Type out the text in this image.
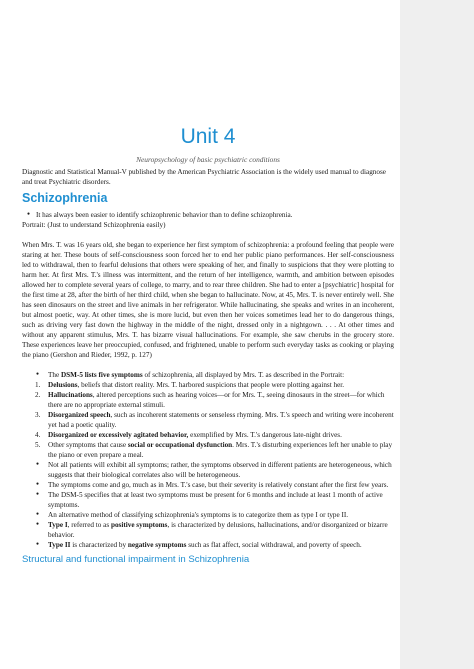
Unit 4

Neuropsychology of basic psychiatric conditions

Diagnostic and Statistical Manual-V published by the American Psychiatric Association is the widely used manual to diagnose and treat Psychiatric disorders.

Schizophrenia
● It has always been easier to identify schizophrenic behavior than to define schizophrenia.

Portrait: (Just to understand Schizophrenia easily)

When Mrs. T. was 16 years old, she began to experience her first symptom of schizophrenia: a profound feeling that people were staring at her. These bouts of self-consciousness soon forced her to end her public piano performances. Her self-consciousness led to withdrawal, then to fearful delusions that others were speaking of her, and finally to suspicions that they were plotting to harm her. At first Mrs. T.'s illness was intermittent, and the return of her intelligence, warmth, and ambition between episodes allowed her to complete several years of college, to marry, and to rear three children. She had to enter a [psychiatric] hospital for the first time at 28, after the birth of her third child, when she began to hallucinate. Now, at 45, Mrs. T. is never entirely well. She has seen dinosaurs on the street and live animals in her refrigerator. While hallucinating, she speaks and writes in an incoherent, but almost poetic, way. At other times, she is more lucid, but even then her voices sometimes lead her to do dangerous things, such as driving very fast down the highway in the middle of the night, dressed only in a nightgown. . . . At other times and without any apparent stimulus, Mrs. T. has bizarre visual hallucinations. For example, she saw cherubs in the grocery store. These experiences leave her preoccupied, confused, and frightened, unable to perform such everyday tasks as cooking or playing the piano (Gershon and Rieder, 1992, p. 127)

● The DSM-5 lists five symptoms of schizophrenia, all displayed by Mrs. T. as described in the Portrait:
1. Delusions, beliefs that distort reality. Mrs. T. harbored suspicions that people were plotting against her.
2. Hallucinations, altered perceptions such as hearing voices—or for Mrs. T., seeing dinosaurs in the street—for which there are no appropriate external stimuli.
3. Disorganized speech, such as incoherent statements or senseless rhyming. Mrs. T.'s speech and writing were incoherent yet had a poetic quality.
4. Disorganized or excessively agitated behavior, exemplified by Mrs. T.'s dangerous late-night drives.
5. Other symptoms that cause social or occupational dysfunction. Mrs. T.'s disturbing experiences left her unable to play the piano or even prepare a meal.
● Not all patients will exhibit all symptoms; rather, the symptoms observed in different patients are heterogeneous, which suggests that their biological correlates also will be heterogeneous.
● The symptoms come and go, much as in Mrs. T.'s case, but their severity is relatively constant after the first few years.
● The DSM-5 specifies that at least two symptoms must be present for 6 months and include at least 1 month of active symptoms.
● An alternative method of classifying schizophrenia's symptoms is to categorize them as type I or type II.
● Type I, referred to as positive symptoms, is characterized by delusions, hallucinations, and/or disorganized or bizarre behavior.
● Type II is characterized by negative symptoms such as flat affect, social withdrawal, and poverty of speech.
Structural and functional impairment in Schizophrenia
